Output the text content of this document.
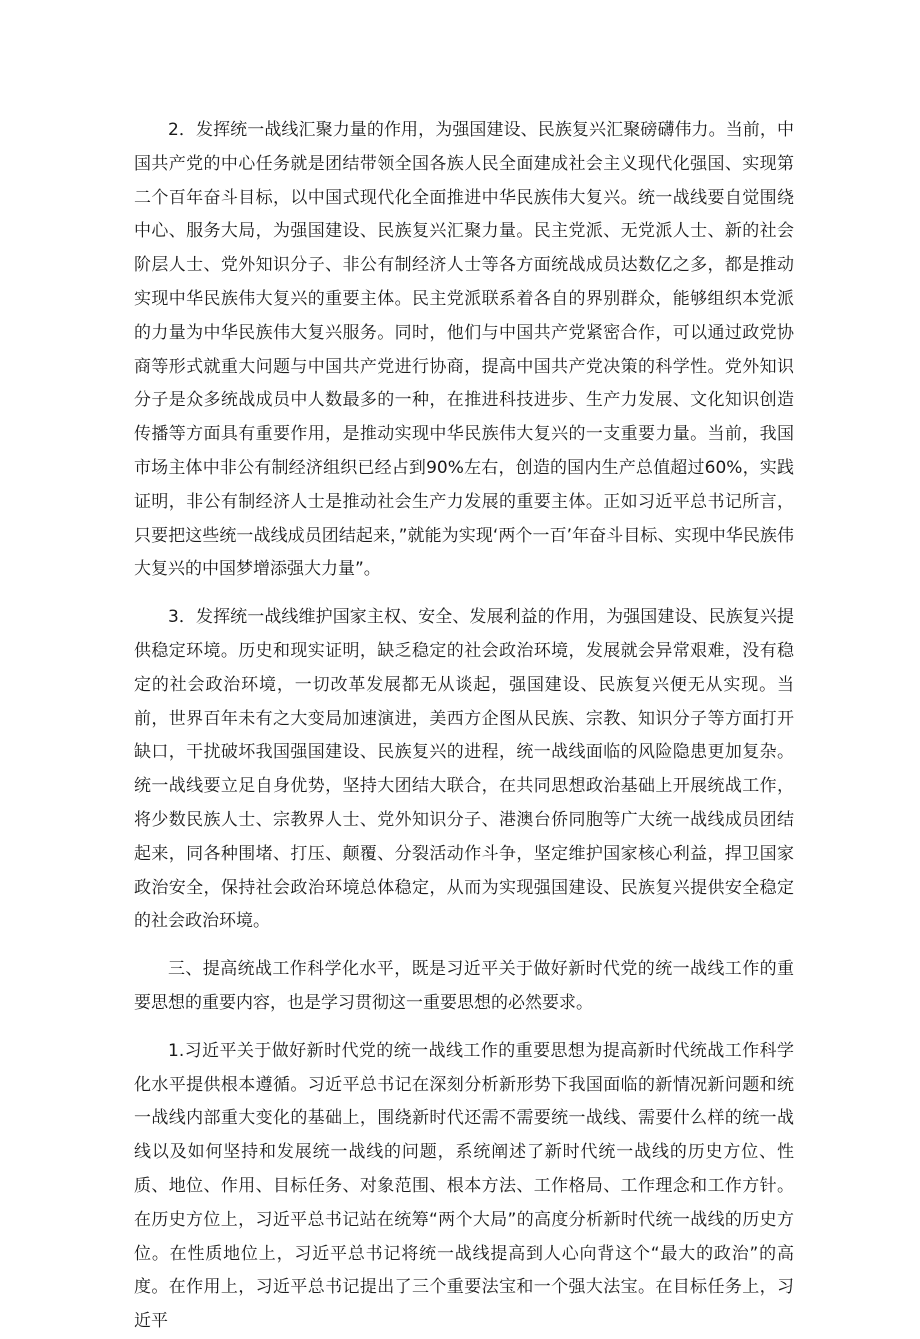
2．发挥统一战线汇聚力量的作用，为强国建设、民族复兴汇聚磅礴伟力。当前，中国共产党的中心任务就是团结带领全国各族人民全面建成社会主义现代化强国、实现第二个百年奋斗目标，以中国式现代化全面推进中华民族伟大复兴。统一战线要自觉围绕中心、服务大局，为强国建设、民族复兴汇聚力量。民主党派、无党派人士、新的社会阶层人士、党外知识分子、非公有制经济人士等各方面统战成员达数亿之多，都是推动实现中华民族伟大复兴的重要主体。民主党派联系着各自的界别群众，能够组织本党派的力量为中华民族伟大复兴服务。同时，他们与中国共产党紧密合作，可以通过政党协商等形式就重大问题与中国共产党进行协商，提高中国共产党决策的科学性。党外知识分子是众多统战成员中人数最多的一种，在推进科技进步、生产力发展、文化知识创造传播等方面具有重要作用，是推动实现中华民族伟大复兴的一支重要力量。当前，我国市场主体中非公有制经济组织已经占到90%左右，创造的国内生产总值超过60%，实践证明，非公有制经济人士是推动社会生产力发展的重要主体。正如习近平总书记所言，只要把这些统一战线成员团结起来，”就能为实现‘两个一百’年奋斗目标、实现中华民族伟大复兴的中国梦增添强大力量”。

3．发挥统一战线维护国家主权、安全、发展利益的作用，为强国建设、民族复兴提供稳定环境。历史和现实证明，缺乏稳定的社会政治环境，发展就会异常艰难，没有稳定的社会政治环境，一切改革发展都无从谈起，强国建设、民族复兴便无从实现。当前，世界百年未有之大变局加速演进，美西方企图从民族、宗教、知识分子等方面打开缺口，干扰破坏我国强国建设、民族复兴的进程，统一战线面临的风险隐患更加复杂。统一战线要立足自身优势，坚持大团结大联合，在共同思想政治基础上开展统战工作，将少数民族人士、宗教界人士、党外知识分子、港澳台侨同胞等广大统一战线成员团结起来，同各种围堵、打压、颠覆、分裂活动作斗争，坚定维护国家核心利益，捍卫国家政治安全，保持社会政治环境总体稳定，从而为实现强国建设、民族复兴提供安全稳定的社会政治环境。

三、提高统战工作科学化水平，既是习近平关于做好新时代党的统一战线工作的重要思想的重要内容，也是学习贯彻这一重要思想的必然要求。

1.习近平关于做好新时代党的统一战线工作的重要思想为提高新时代统战工作科学化水平提供根本遵循。习近平总书记在深刻分析新形势下我国面临的新情况新问题和统一战线内部重大变化的基础上，围绕新时代还需不需要统一战线、需要什么样的统一战线以及如何坚持和发展统一战线的问题，系统阐述了新时代统一战线的历史方位、性质、地位、作用、目标任务、对象范围、根本方法、工作格局、工作理念和工作方针。在历史方位上，习近平总书记站在统筹“两个大局”的高度分析新时代统一战线的历史方位。在性质地位上，习近平总书记将统一战线提高到人心向背这个“最大的政治”的高度。在作用上，习近平总书记提出了三个重要法宝和一个强大法宝。在目标任务上，习近平
